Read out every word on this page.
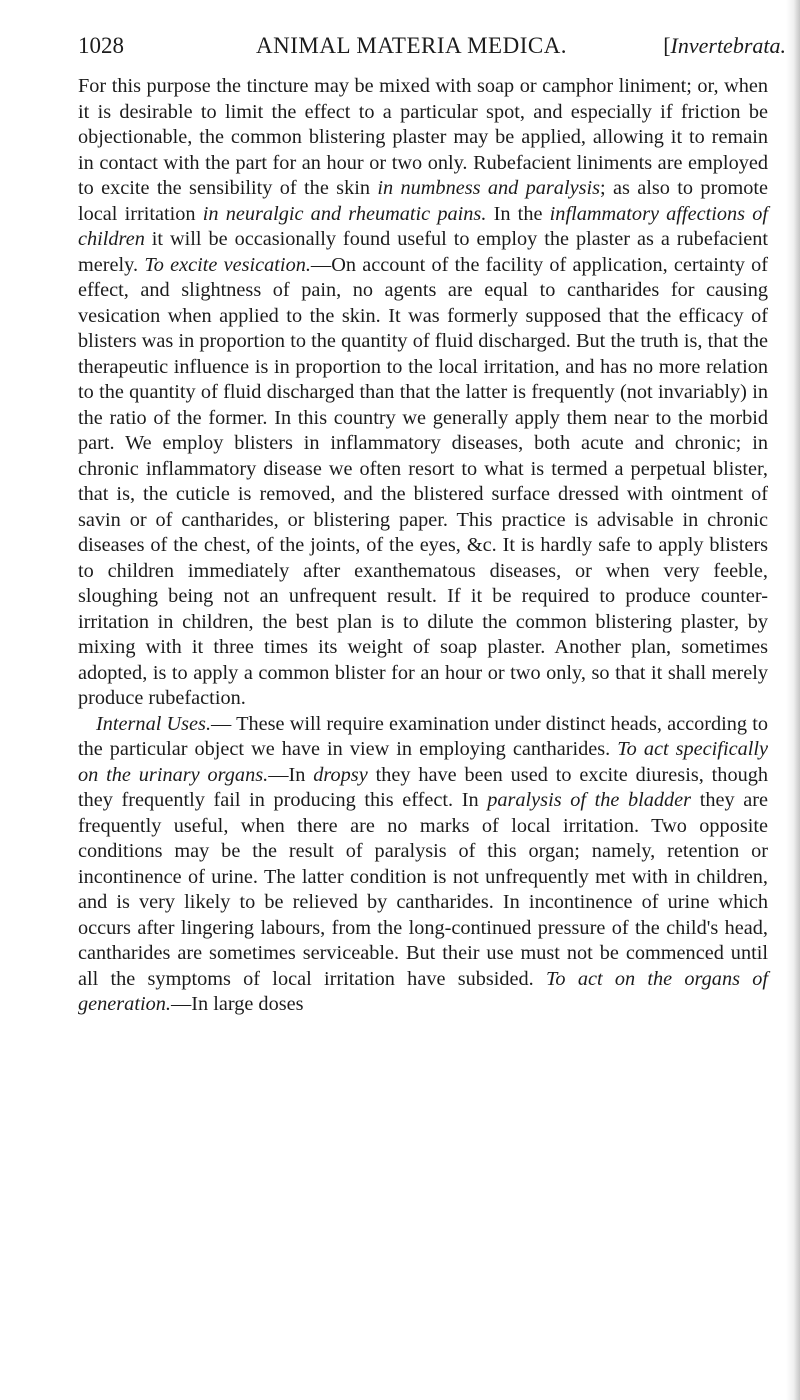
1028	ANIMAL MATERIA MEDICA.	[Invertebrata.

For this purpose the tincture may be mixed with soap or camphor liniment; or, when it is desirable to limit the effect to a particular spot, and especially if friction be objectionable, the common blistering plaster may be applied, allowing it to remain in contact with the part for an hour or two only. Rubefacient liniments are employed to excite the sensibility of the skin in numbness and paralysis; as also to promote local irritation in neuralgic and rheumatic pains. In the inflammatory affections of children it will be occasionally found useful to employ the plaster as a rubefacient merely. To excite vesication.—On account of the facility of application, certainty of effect, and slightness of pain, no agents are equal to cantharides for causing vesication when applied to the skin. It was formerly supposed that the efficacy of blisters was in proportion to the quantity of fluid discharged. But the truth is, that the therapeutic influence is in proportion to the local irritation, and has no more relation to the quantity of fluid discharged than that the latter is frequently (not invariably) in the ratio of the former. In this country we generally apply them near to the morbid part. We employ blisters in inflammatory diseases, both acute and chronic; in chronic inflammatory disease we often resort to what is termed a perpetual blister, that is, the cuticle is removed, and the blistered surface dressed with ointment of savin or of cantharides, or blistering paper. This practice is advisable in chronic diseases of the chest, of the joints, of the eyes, &c. It is hardly safe to apply blisters to children immediately after exanthematous diseases, or when very feeble, sloughing being not an unfrequent result. If it be required to produce counter-irritation in children, the best plan is to dilute the common blistering plaster, by mixing with it three times its weight of soap plaster. Another plan, sometimes adopted, is to apply a common blister for an hour or two only, so that it shall merely produce rubefaction.

Internal Uses.— These will require examination under distinct heads, according to the particular object we have in view in employing cantharides. To act specifically on the urinary organs.—In dropsy they have been used to excite diuresis, though they frequently fail in producing this effect. In paralysis of the bladder they are frequently useful, when there are no marks of local irritation. Two opposite conditions may be the result of paralysis of this organ; namely, retention or incontinence of urine. The latter condition is not unfrequently met with in children, and is very likely to be relieved by cantharides. In incontinence of urine which occurs after lingering labours, from the long-continued pressure of the child's head, cantharides are sometimes serviceable. But their use must not be commenced until all the symptoms of local irritation have subsided. To act on the organs of generation.—In large doses
